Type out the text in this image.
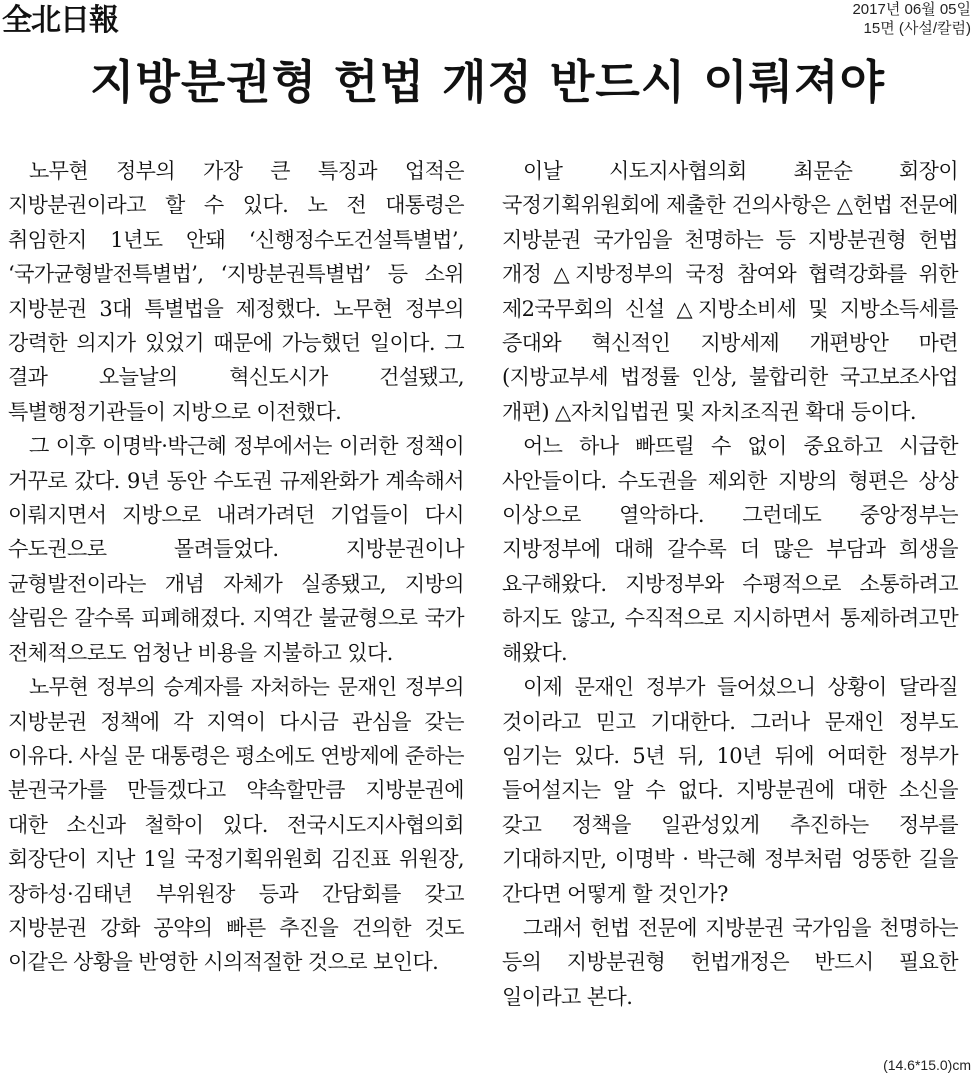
全北日報	2017년 06월 05일
15면 (사설/칼럼)
지방분권형 헌법 개정 반드시 이뤄져야

노무현 정부의 가장 큰 특징과 업적은 지방분권이라고 할 수 있다. 노 전 대통령은 취임한지 1년도 안돼 ‘신행정수도건설특별법’, ‘국가균형발전특별법’, ‘지방분권특별법’ 등 소위 지방분권 3대 특별법을 제정했다. 노무현 정부의 강력한 의지가 있었기 때문에 가능했던 일이다. 그 결과 오늘날의 혁신도시가 건설됐고, 특별행정기관들이 지방으로 이전했다.

그 이후 이명박·박근혜 정부에서는 이러한 정책이 거꾸로 갔다. 9년 동안 수도권 규제완화가 계속해서 이뤄지면서 지방으로 내려가려던 기업들이 다시 수도권으로 몰려들었다. 지방분권이나 균형발전이라는 개념 자체가 실종됐고, 지방의 살림은 갈수록 피폐해졌다. 지역간 불균형으로 국가 전체적으로도 엄청난 비용을 지불하고 있다.

노무현 정부의 승계자를 자처하는 문재인 정부의 지방분권 정책에 각 지역이 다시금 관심을 갖는 이유다. 사실 문 대통령은 평소에도 연방제에 준하는 분권국가를 만들겠다고 약속할만큼 지방분권에 대한 소신과 철학이 있다. 전국시도지사협의회 회장단이 지난 1일 국정기획위원회 김진표 위원장, 장하성·김태년 부위원장 등과 간담회를 갖고 지방분권 강화 공약의 빠른 추진을 건의한 것도 이같은 상황을 반영한 시의적절한 것으로 보인다.

이날 시도지사협의회 최문순 회장이 국정기획위원회에 제출한 건의사항은 △헌법 전문에 지방분권 국가임을 천명하는 등 지방분권형 헌법 개정 △지방정부의 국정 참여와 협력강화를 위한 제2국무회의 신설 △지방소비세 및 지방소득세를 증대와 혁신적인 지방세제 개편방안 마련(지방교부세 법정률 인상, 불합리한 국고보조사업 개편) △자치입법권 및 자치조직권 확대 등이다.

어느 하나 빠뜨릴 수 없이 중요하고 시급한 사안들이다. 수도권을 제외한 지방의 형편은 상상 이상으로 열악하다. 그런데도 중앙정부는 지방정부에 대해 갈수록 더 많은 부담과 희생을 요구해왔다. 지방정부와 수평적으로 소통하려고 하지도 않고, 수직적으로 지시하면서 통제하려고만 해왔다.

이제 문재인 정부가 들어섰으니 상황이 달라질 것이라고 믿고 기대한다. 그러나 문재인 정부도 임기는 있다. 5년 뒤, 10년 뒤에 어떠한 정부가 들어설지는 알 수 없다. 지방분권에 대한 소신을 갖고 정책을 일관성있게 추진하는 정부를 기대하지만, 이명박 · 박근혜 정부처럼 엉뚱한 길을 간다면 어떻게 할 것인가?

그래서 헌법 전문에 지방분권 국가임을 천명하는 등의 지방분권형 헌법개정은 반드시 필요한 일이라고 본다.

(14.6*15.0)cm
